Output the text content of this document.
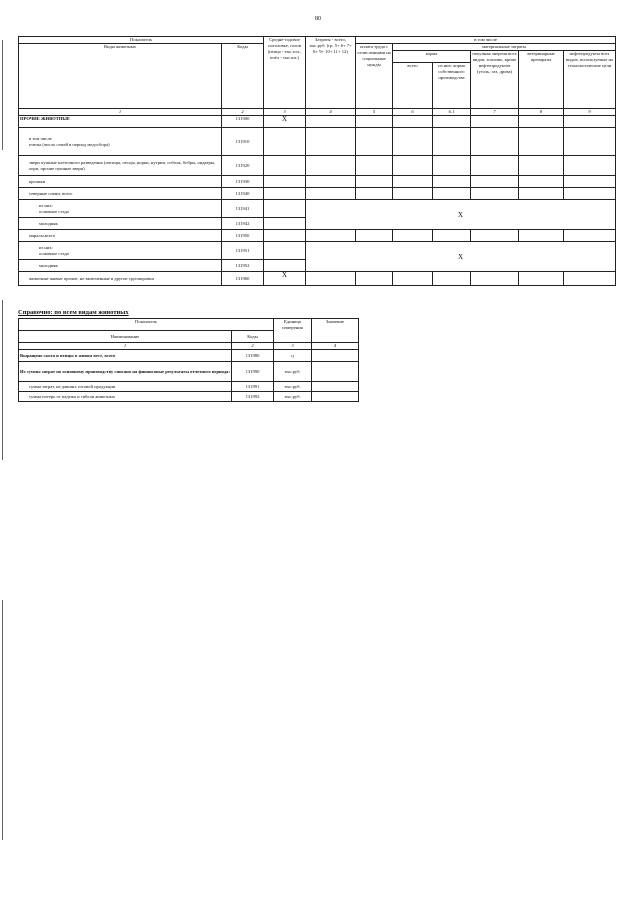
80
Показатель		Средне-годовое поголовье, голов (птица - тыс.гол., пчёл - тыс.шт.)	Затраты - всего, тыс.руб. (гр. 5+ 6+ 7+ 8+ 9+ 10+ 11+ 12)	в том числе					
Виды животных	Коды			оплата труда с отчислениями на социальные нужды	материальные затраты				
					корма		покупная энергия всех видов, топливо, кроме нефтепродуктов (уголь, газ, дрова)	ветеринарные препараты	нефтепродукты всех видов, используемые на технологические цели
					всего	из них: корма собственного производства			
1	2	3	4	5	6	6.1	7	8	9
ПРОЧИЕ ЖИВОТНЫЕ	131900	X							
в том числе
пчелы (число семей в период медосбора)	131910								
звери пушные клеточного разведения (лисицы, песцы, норки, нутрии, соболя, бобры, ондатры, хори, прочие пушные звери)	131920								
кролики	131930								
северные олени, всего	131940								
из них:
основное стадо	131941		X						
молодняк	131942								
маралы,всего	131950								
из них:
основное стадо	131951		X						
молодняк	131952								
животные живые прочие, не включенные в другие группировки	131960	X							
Справочно: по всем видам животных
Показатель		Единица измерения	Значение
Наименование	Коды		
1	2	3	4
Выращено скота и птицы в живом весе, всего	131980	ц	
Из суммы затрат по основному производству списано на финансовые результаты отчетного периода:	131990	тыс.руб.	
сумма затрат, не давших готовой продукции	131991	тыс.руб.	
сумма потерь от падежа и гибели животных	131992	тыс.руб.	
